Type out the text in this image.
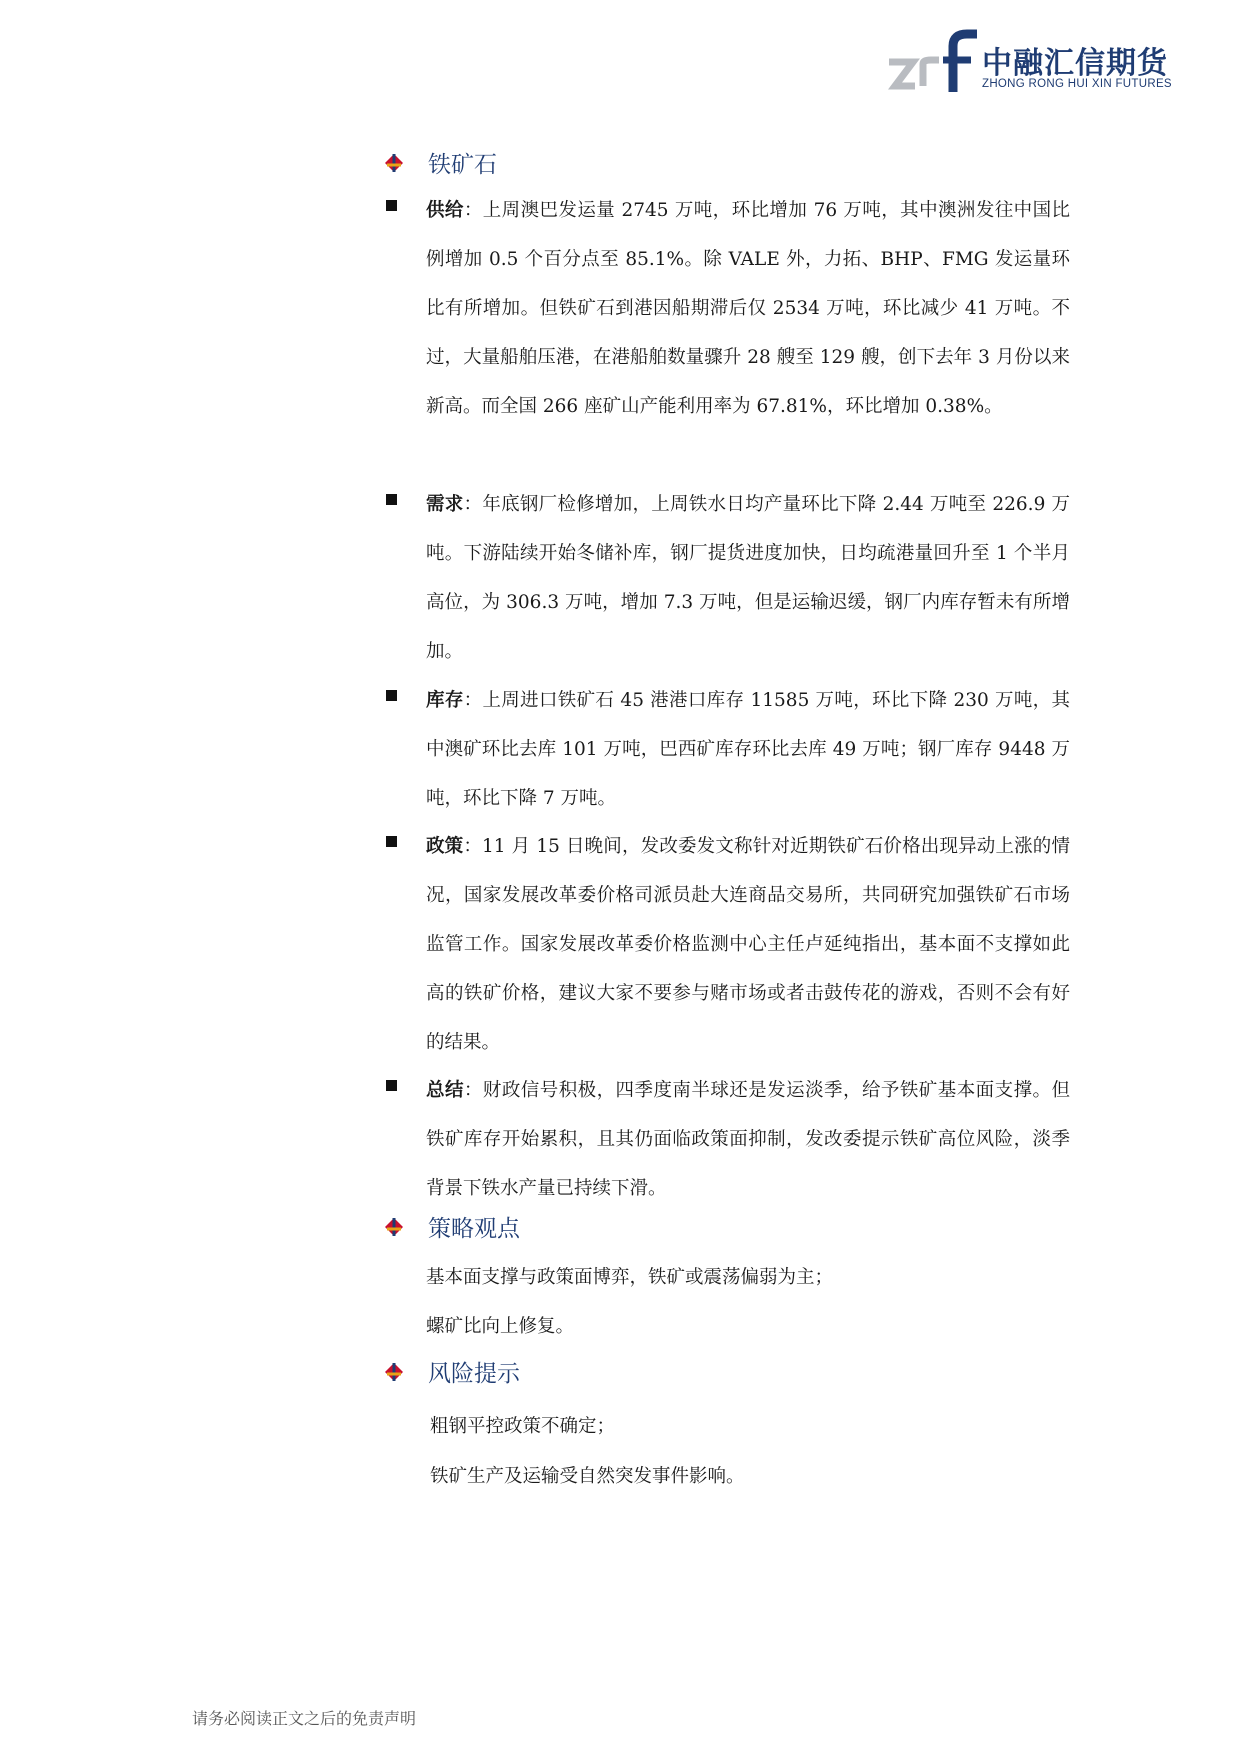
中融汇信期货
ZHONG RONG HUI XIN FUTURES
铁矿石
供给：上周澳巴发运量 2745 万吨，环比增加 76 万吨，其中澳洲发往中国比例增加 0.5 个百分点至 85.1%。除 VALE 外，力拓、BHP、FMG 发运量环比有所增加。但铁矿石到港因船期滞后仅 2534 万吨，环比减少 41 万吨。不过，大量船舶压港，在港船舶数量骤升 28 艘至 129 艘，创下去年 3 月份以来新高。而全国 266 座矿山产能利用率为 67.81%，环比增加 0.38%。
需求：年底钢厂检修增加，上周铁水日均产量环比下降 2.44 万吨至 226.9 万吨。下游陆续开始冬储补库，钢厂提货进度加快，日均疏港量回升至 1 个半月高位，为 306.3 万吨，增加 7.3 万吨，但是运输迟缓，钢厂内库存暂未有所增加。
库存：上周进口铁矿石 45 港港口库存 11585 万吨，环比下降 230 万吨，其中澳矿环比去库 101 万吨，巴西矿库存环比去库 49 万吨；钢厂库存 9448 万吨，环比下降 7 万吨。
政策：11 月 15 日晚间，发改委发文称针对近期铁矿石价格出现异动上涨的情况，国家发展改革委价格司派员赴大连商品交易所，共同研究加强铁矿石市场监管工作。国家发展改革委价格监测中心主任卢延纯指出，基本面不支撑如此高的铁矿价格，建议大家不要参与赌市场或者击鼓传花的游戏，否则不会有好的结果。
总结：财政信号积极，四季度南半球还是发运淡季，给予铁矿基本面支撑。但铁矿库存开始累积，且其仍面临政策面抑制，发改委提示铁矿高位风险，淡季背景下铁水产量已持续下滑。
策略观点
基本面支撑与政策面博弈，铁矿或震荡偏弱为主；
螺矿比向上修复。
风险提示
粗钢平控政策不确定；
铁矿生产及运输受自然突发事件影响。
请务必阅读正文之后的免责声明
